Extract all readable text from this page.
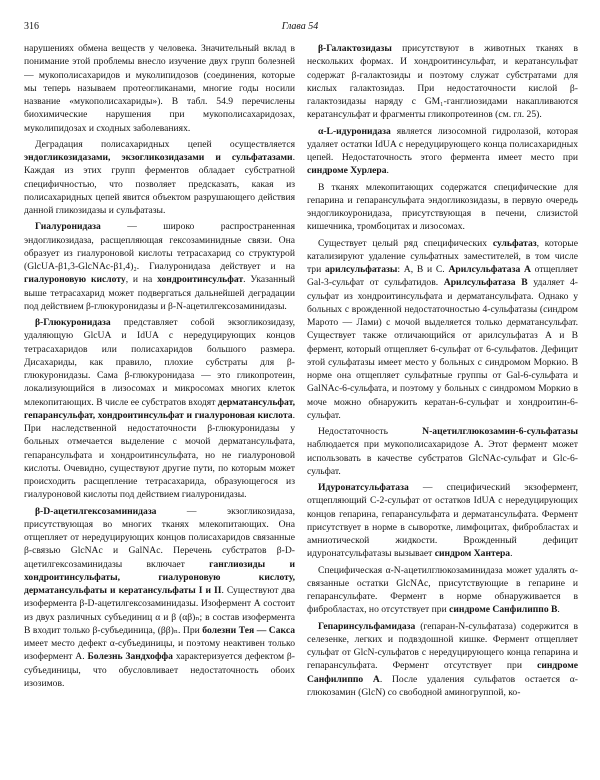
316	Глава 54

нарушениях обмена веществ у человека. Значительный вклад в понимание этой проблемы внесло изучение двух групп болезней — мукополисахаридов и муколипидозов (соединения, которые мы теперь называем протеогликанами, многие годы носили название «мукополисахариды»). В табл. 54.9 перечислены биохимические нарушения при мукополисахаридозах, муколипидозах и сходных заболеваниях.

Деградация полисахаридных цепей осуществляется эндогликозидазами, экзогликозидазами и сульфатазами. Каждая из этих групп ферментов обладает субстратной специфичностью, что позволяет предсказать, какая из полисахаридных цепей явится объектом разрушающего действия данной гликозидазы и сульфатазы.

Гиалуронидаза — широко распространенная эндогликозидаза, расщепляющая гексозаминидные связи. Она образует из гиалуроновой кислоты тетрасахарид со структурой (GlcUA-β1,3-GlcNAc-β1,4)₂. Гиалуронидаза действует и на гиалуроновую кислоту, и на хондроитинсульфат. Указанный выше тетрасахарид может подвергаться дальнейшей деградации под действием β-глюкуронидазы и β-N-ацетилгексозаминидазы.

β-Глюкуронидаза представляет собой экзогликозидазу, удаляющую GlcUA и IdUA с нередуцирующих концов тетрасахаридов или полисахаридов большого размера. Дисахариды, как правило, плохие субстраты для β-глюкуронидазы. Сама β-глюкуронидаза — это гликопротеин, локализующийся в лизосомах и микросомах многих клеток млекопитающих. В числе ее субстратов входят дерматансульфат, гепарансульфат, хондроитинсульфат и гиалуроновая кислота. При наследственной недостаточности β-глюкуронидазы у больных отмечается выделение с мочой дерматансульфата, гепарансульфата и хондроитинсульфата, но не гиалуроновой кислоты. Очевидно, существуют другие пути, по которым может происходить расщепление тетрасахарида, образующегося из гиалуроновой кислоты под действием гиалуронидазы.

β-D-ацетилгексозаминидаза — экзогликозидаза, присутствующая во многих тканях млекопитающих. Она отщепляет от нередуцирующих концов полисахаридов связанные β-связью GlcNAc и GalNAc. Перечень субстратов β-D-ацетилгексозаминидазы включает ганглиозиды и хондроитинсульфаты, гиалуроновую кислоту, дерматансульфаты и кератансульфаты I и II. Существуют два изофермента β-D-ацетилгексозаминидазы. Изофермент А состоит из двух различных субъединиц α и β (αβ)ₙ; в состав изофермента В входит только β-субъединица, (ββ)ₙ. При болезни Тея — Сакса имеет место дефект α-субъединицы, и поэтому неактивен только изофермент А. Болезнь Зандхоффа характеризуется дефектом β-субъединицы, что обусловливает недостаточность обоих изозимов.

β-Галактозидазы присутствуют в животных тканях в нескольких формах. И хондроитинсульфат, и кератансульфат содержат β-галактозиды и поэтому служат субстратами для кислых галактозидаз. При недостаточности кислой β-галактозидазы наряду с GM₁-ганглиозидами накапливаются кератансульфат и фрагменты гликопротеинов (см. гл. 25).

α-L-идуронидаза является лизосомной гидролазой, которая удаляет остатки IdUA с нередуцирующего конца полисахаридных цепей. Недостаточность этого фермента имеет место при синдроме Хурлера.

В тканях млекопитающих содержатся специфические для гепарина и гепарансульфата эндогликозидазы, в первую очередь эндогликоуронидаза, присутствующая в печени, слизистой кишечника, тромбоцитах и лизосомах.

Существует целый ряд специфических сульфатаз, которые катализируют удаление сульфатных заместителей, в том числе три арилсульфатазы: А, В и С. Арилсульфатаза А отщепляет Gal-3-сульфат от сульфатидов. Арилсульфатаза В удаляет 4-сульфат из хондроитинсульфата и дерматансульфата. Однако у больных с врожденной недостаточностью 4-сульфатазы (синдром Марото — Лами) с мочой выделяется только дерматансульфат. Существует также отличающийся от арилсульфатаз А и В фермент, который отщепляет 6-сульфат от 6-сульфатов. Дефицит этой сульфатазы имеет место у больных с синдромом Моркио. В норме она отщепляет сульфатные группы от Gal-6-сульфата и GalNAc-6-сульфата, и поэтому у больных с синдромом Моркио в моче можно обнаружить кератан-6-сульфат и хондроитин-6-сульфат.

Недостаточность N-ацетилглюкозамин-6-сульфатазы наблюдается при мукополисахаридозе А. Этот фермент может использовать в качестве субстратов GlcNAc-сульфат и Glc-6-сульфат.

Идуронатсульфатаза — специфический экзофермент, отщепляющий С-2-сульфат от остатков IdUA с нередуцирующих концов гепарина, гепарансульфата и дерматансульфата. Фермент присутствует в норме в сыворотке, лимфоцитах, фибробластах и амниотической жидкости. Врожденный дефицит идуронатсульфатазы вызывает синдром Хантера.

Специфическая α-N-ацетилглюкозаминидаза может удалять α-связанные остатки GlcNAc, присутствующие в гепарине и гепарансульфате. Фермент в норме обнаруживается в фибробластах, но отсутствует при синдроме Санфилиппо В.

Гепаринсульфамидаза (гепаран-N-сульфатаза) содержится в селезенке, легких и подвздошной кишке. Фермент отщепляет сульфат от GlcN-сульфатов с нередуцирующего конца гепарина и гепарансульфата. Фермент отсутствует при синдроме Санфилиппо А. После удаления сульфатов остается α-глюкозамин (GlcN) со свободной аминогруппой, ко-
